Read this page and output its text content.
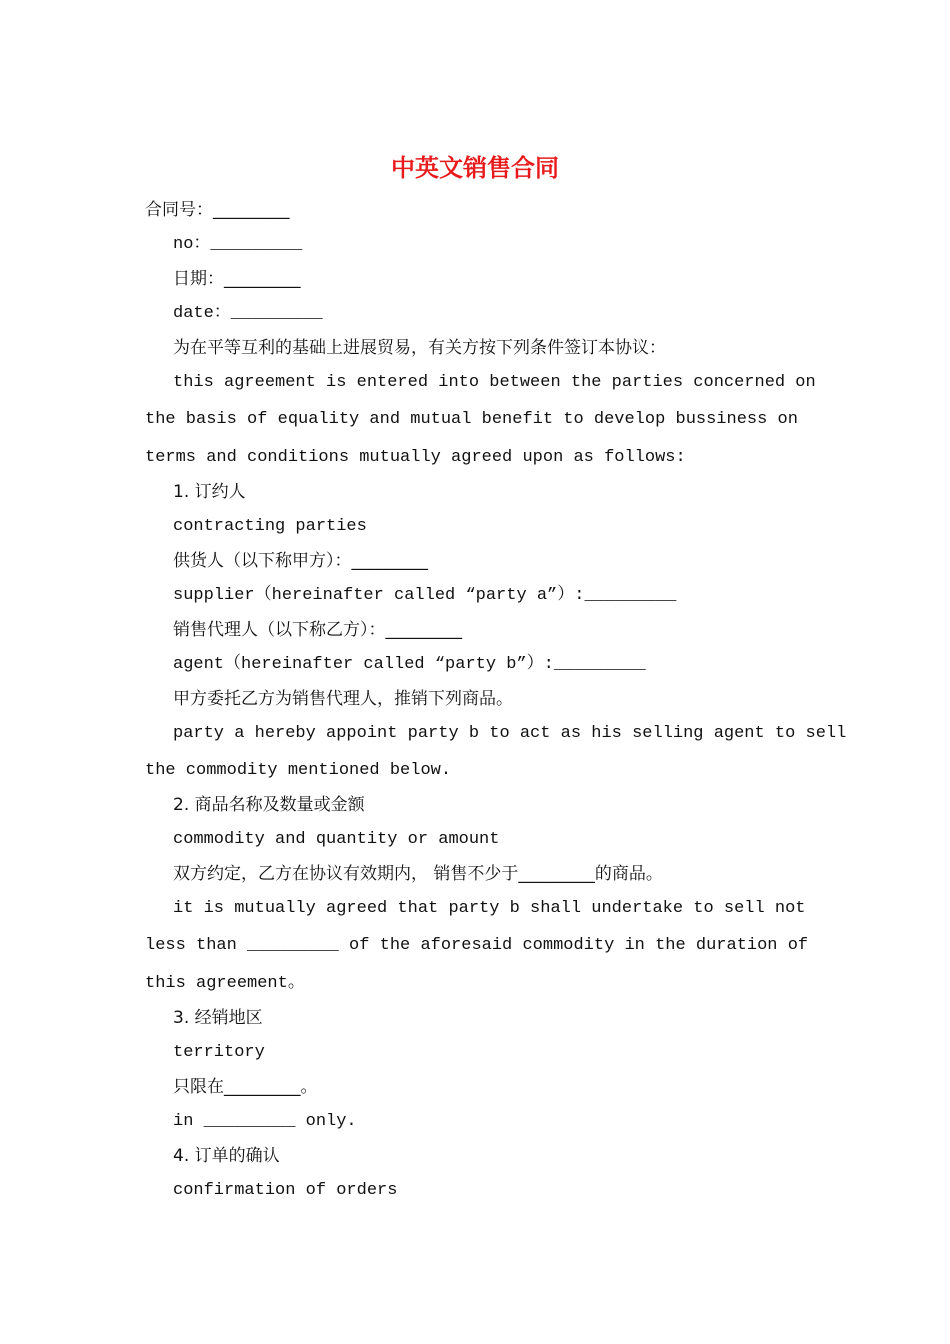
中英文销售合同
合同号：_________
no：_________
日期：_________
date：_________
为在平等互利的基础上进展贸易，有关方按下列条件签订本协议：
this agreement is entered into between the parties concerned on
the basis of equality and mutual benefit to develop bussiness on
terms and conditions mutually agreed upon as follows:
1. 订约人
contracting parties
供货人（以下称甲方）：_________
supplier（hereinafter called “party a”）:_________
销售代理人（以下称乙方）：_________
agent（hereinafter called “party b”）:_________
甲方委托乙方为销售代理人，推销下列商品。
party a hereby appoint party b to act as his selling agent to sell
the commodity mentioned below.
2. 商品名称及数量或金额
commodity and quantity or amount
双方约定，乙方在协议有效期内， 销售不少于_________的商品。
it is mutually agreed that party b shall undertake to sell not
less than _________ of the aforesaid commodity in the duration of
this agreement。
3. 经销地区
territory
只限在_________。
in _________ only.
4. 订单的确认
confirmation of orders
